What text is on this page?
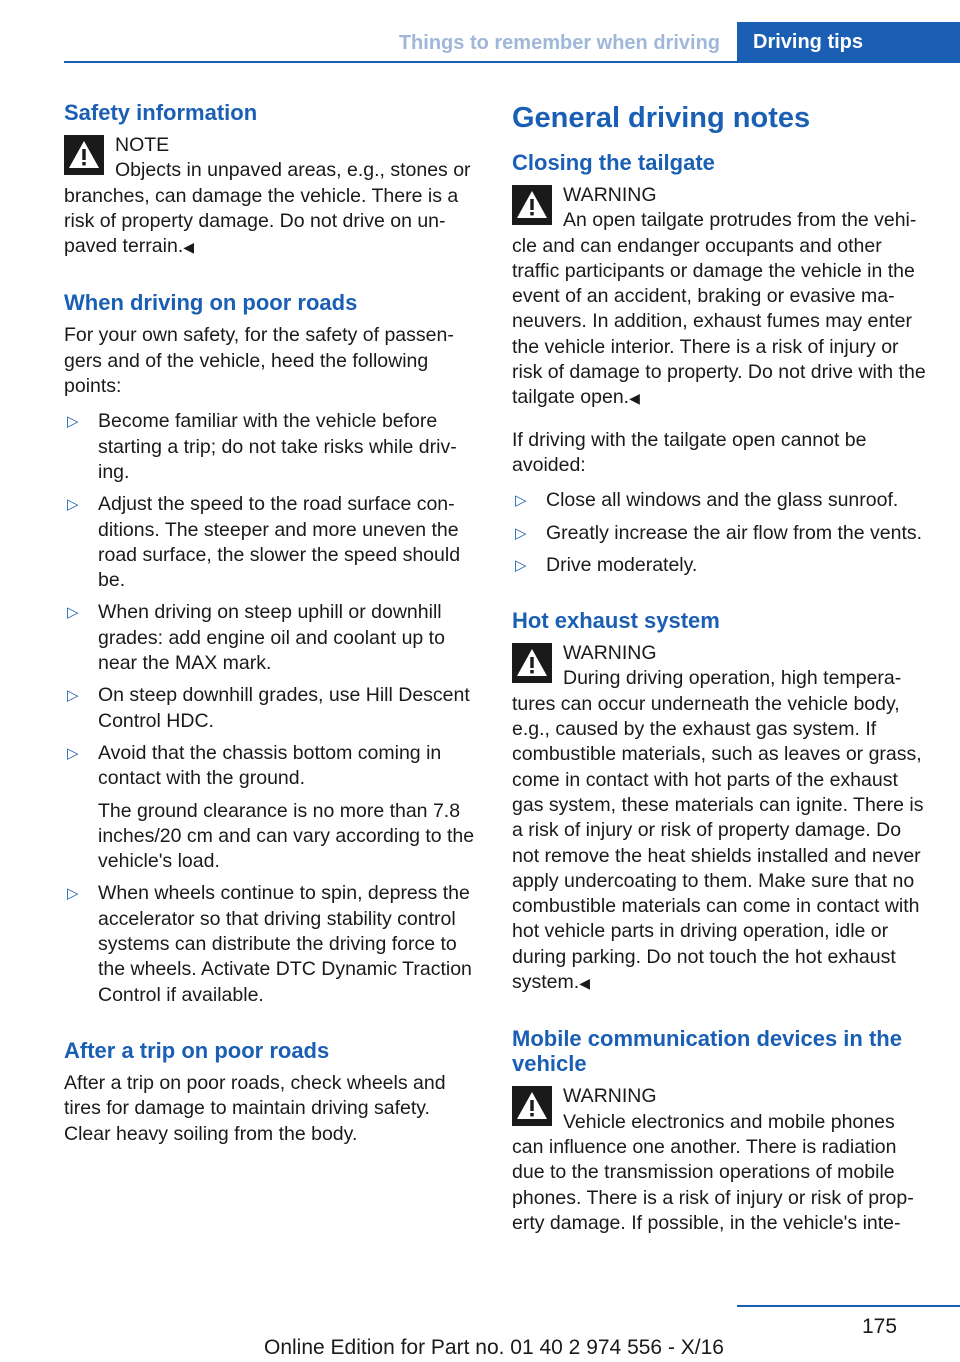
Things to remember when driving	Driving tips
Safety information
NOTE
Objects in unpaved areas, e.g., stones or branches, can damage the vehicle. There is a risk of property damage. Do not drive on unpaved terrain.◀
When driving on poor roads

For your own safety, for the safety of passengers and of the vehicle, heed the following points:

▷ Become familiar with the vehicle before starting a trip; do not take risks while driving.
▷ Adjust the speed to the road surface conditions. The steeper and more uneven the road surface, the slower the speed should be.
▷ When driving on steep uphill or downhill grades: add engine oil and coolant up to near the MAX mark.
▷ On steep downhill grades, use Hill Descent Control HDC.
▷ Avoid that the chassis bottom coming in contact with the ground.
The ground clearance is no more than 7.8 inches/20 cm and can vary according to the vehicle's load.
▷ When wheels continue to spin, depress the accelerator so that driving stability control systems can distribute the driving force to the wheels. Activate DTC Dynamic Traction Control if available.
After a trip on poor roads

After a trip on poor roads, check wheels and tires for damage to maintain driving safety. Clear heavy soiling from the body.

General driving notes
Closing the tailgate
WARNING
An open tailgate protrudes from the vehicle and can endanger occupants and other traffic participants or damage the vehicle in the event of an accident, braking or evasive maneuvers. In addition, exhaust fumes may enter the vehicle interior. There is a risk of injury or risk of damage to property. Do not drive with the tailgate open.◀

If driving with the tailgate open cannot be avoided:

▷ Close all windows and the glass sunroof.
▷ Greatly increase the air flow from the vents.
▷ Drive moderately.
Hot exhaust system
WARNING
During driving operation, high temperatures can occur underneath the vehicle body, e.g., caused by the exhaust gas system. If combustible materials, such as leaves or grass, come in contact with hot parts of the exhaust gas system, these materials can ignite. There is a risk of injury or risk of property damage. Do not remove the heat shields installed and never apply undercoating to them. Make sure that no combustible materials can come in contact with hot vehicle parts in driving operation, idle or during parking. Do not touch the hot exhaust system.◀
Mobile communication devices in the vehicle
WARNING
Vehicle electronics and mobile phones can influence one another. There is radiation due to the transmission operations of mobile phones. There is a risk of injury or risk of property damage. If possible, in the vehicle's inte-
175
Online Edition for Part no. 01 40 2 974 556 - X/16
